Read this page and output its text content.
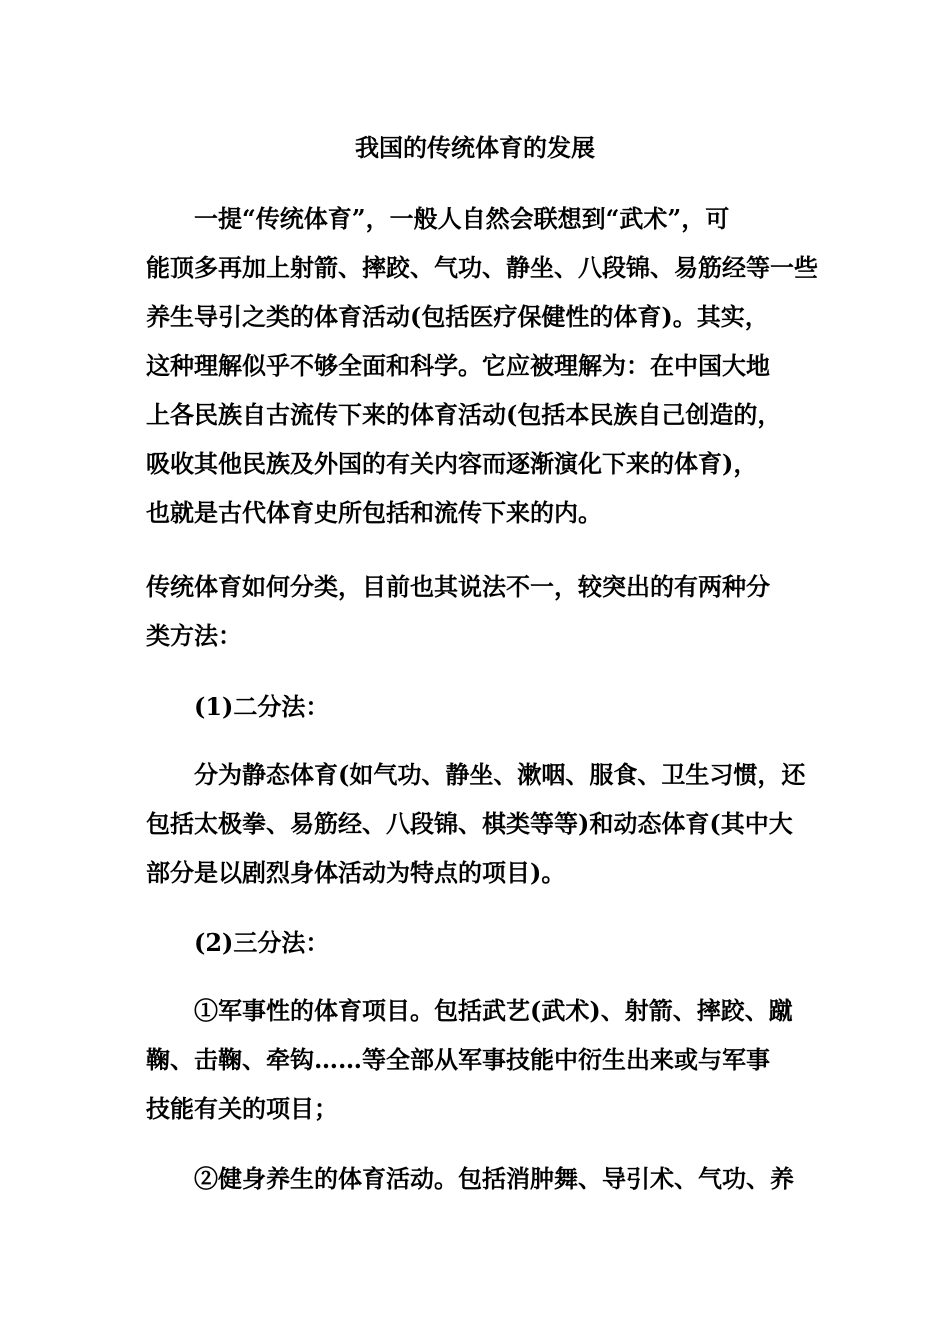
我国的传统体育的发展
一提“传统体育”，一般人自然会联想到“武术”，可
能顶多再加上射箭、摔跤、气功、静坐、八段锦、易筋经等一些
养生导引之类的体育活动(包括医疗保健性的体育)。其实，
这种理解似乎不够全面和科学。它应被理解为：在中国大地
上各民族自古流传下来的体育活动(包括本民族自己创造的，
吸收其他民族及外国的有关内容而逐渐演化下来的体育)，
也就是古代体育史所包括和流传下来的内。
传统体育如何分类，目前也其说法不一，较突出的有两种分
类方法：
(1)二分法：
分为静态体育(如气功、静坐、漱咽、服食、卫生习惯，还
包括太极拳、易筋经、八段锦、棋类等等)和动态体育(其中大
部分是以剧烈身体活动为特点的项目)。
(2)三分法：
①军事性的体育项目。包括武艺(武术)、射箭、摔跤、蹴
鞠、击鞠、牵钩……等全部从军事技能中衍生出来或与军事
技能有关的项目；
②健身养生的体育活动。包括消肿舞、导引术、气功、养
